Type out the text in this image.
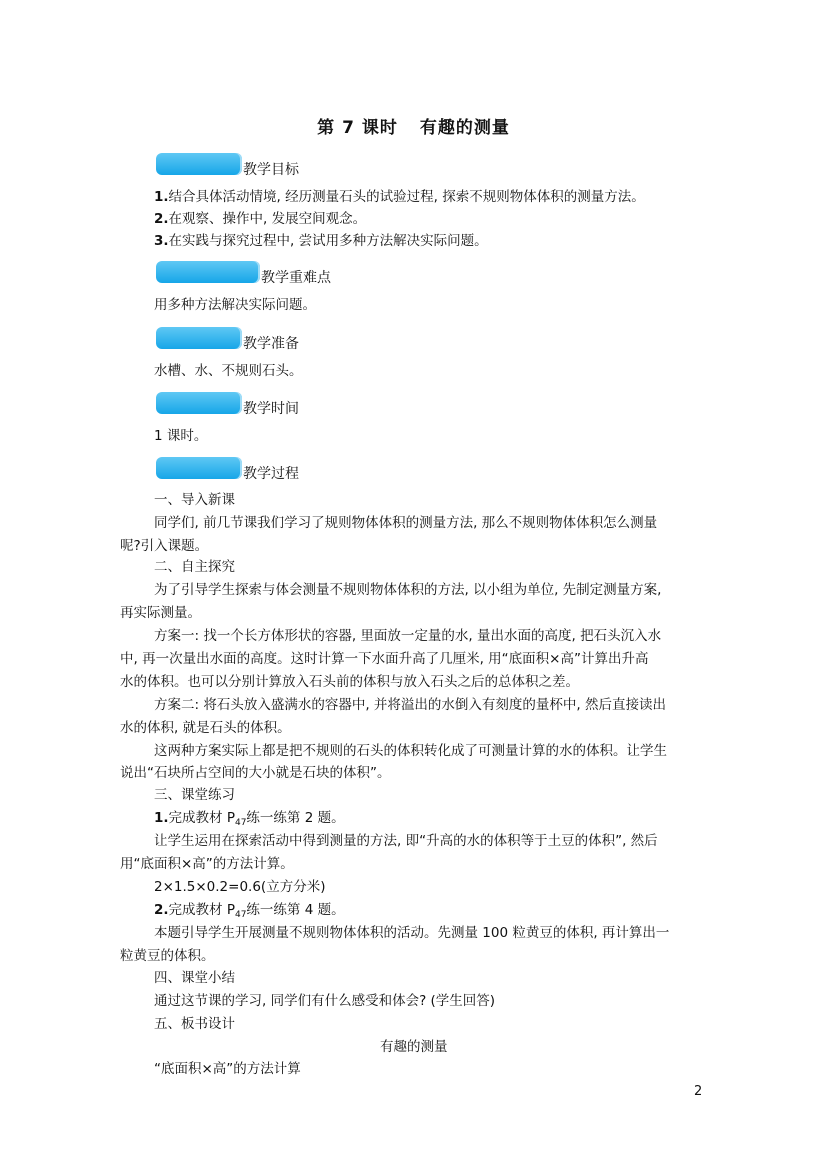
第 7 课时 有趣的测量
教学目标
1.结合具体活动情境, 经历测量石头的试验过程, 探索不规则物体体积的测量方法。
2.在观察、操作中, 发展空间观念。
3.在实践与探究过程中, 尝试用多种方法解决实际问题。
教学重难点
用多种方法解决实际问题。
教学准备
水槽、水、不规则石头。
教学时间
1 课时。
教学过程
一、导入新课
同学们, 前几节课我们学习了规则物体体积的测量方法, 那么不规则物体体积怎么测量
呢?引入课题。
二、自主探究
为了引导学生探索与体会测量不规则物体体积的方法, 以小组为单位, 先制定测量方案,
再实际测量。
方案一: 找一个长方体形状的容器, 里面放一定量的水, 量出水面的高度, 把石头沉入水
中, 再一次量出水面的高度。这时计算一下水面升高了几厘米, 用“底面积×高”计算出升高
水的体积。也可以分别计算放入石头前的体积与放入石头之后的总体积之差。
方案二: 将石头放入盛满水的容器中, 并将溢出的水倒入有刻度的量杯中, 然后直接读出
水的体积, 就是石头的体积。
这两种方案实际上都是把不规则的石头的体积转化成了可测量计算的水的体积。让学生
说出“石块所占空间的大小就是石块的体积”。
三、课堂练习
1.完成教材 $P_{47}$练一练第 2 题。
让学生运用在探索活动中得到测量的方法, 即“升高的水的体积等于土豆的体积”, 然后
用“底面积×高”的方法计算。
2×1.5×0.2=0.6(立方分米)
2.完成教材 $P_{47}$练一练第 4 题。
本题引导学生开展测量不规则物体体积的活动。先测量 100 粒黄豆的体积, 再计算出一
粒黄豆的体积。
四、课堂小结
通过这节课的学习, 同学们有什么感受和体会? (学生回答)
五、板书设计
有趣的测量
“底面积×高”的方法计算
2
